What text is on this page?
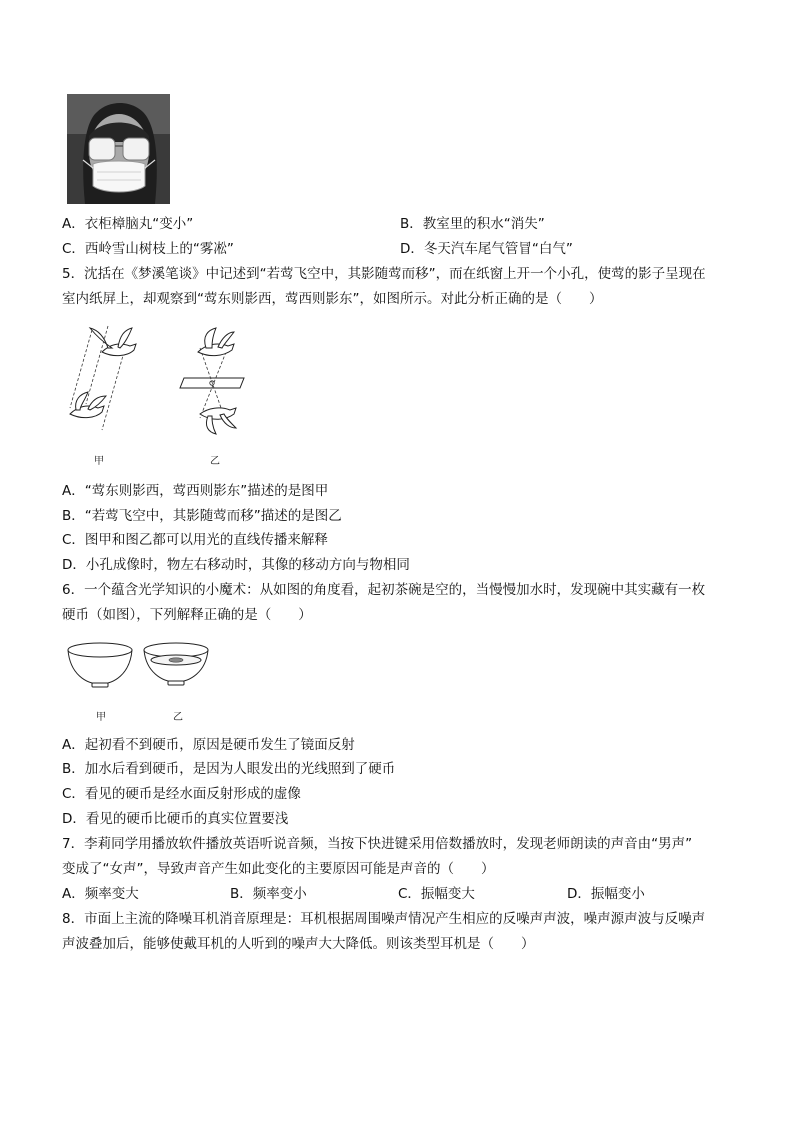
A．衣柜樟脑丸“变小”	B．教室里的积水“消失”
C．西岭雪山树枝上的“雾凇”	D．冬天汽车尾气管冒“白气”
5．沈括在《梦溪笔谈》中记述到“若莺飞空中，其影随莺而移”，而在纸窗上开一个小孔，使莺的影子呈现在
室内纸屏上，却观察到“莺东则影西，莺西则影东”，如图所示。对此分析正确的是（　　）
甲	乙
A．“莺东则影西，莺西则影东”描述的是图甲
B．“若莺飞空中，其影随莺而移”描述的是图乙
C．图甲和图乙都可以用光的直线传播来解释
D．小孔成像时，物左右移动时，其像的移动方向与物相同
6．一个蕴含光学知识的小魔术：从如图的角度看，起初茶碗是空的，当慢慢加水时，发现碗中其实藏有一枚
硬币（如图），下列解释正确的是（　　）
甲	乙
A．起初看不到硬币，原因是硬币发生了镜面反射
B．加水后看到硬币，是因为人眼发出的光线照到了硬币
C．看见的硬币是经水面反射形成的虚像
D．看见的硬币比硬币的真实位置要浅
7．李莉同学用播放软件播放英语听说音频，当按下快进键采用倍数播放时，发现老师朗读的声音由“男声”
变成了“女声”，导致声音产生如此变化的主要原因可能是声音的（　　）
A．频率变大	B．频率变小	C．振幅变大	D．振幅变小
8．市面上主流的降噪耳机消音原理是：耳机根据周围噪声情况产生相应的反噪声声波，噪声源声波与反噪声
声波叠加后，能够使戴耳机的人听到的噪声大大降低。则该类型耳机是（　　）
